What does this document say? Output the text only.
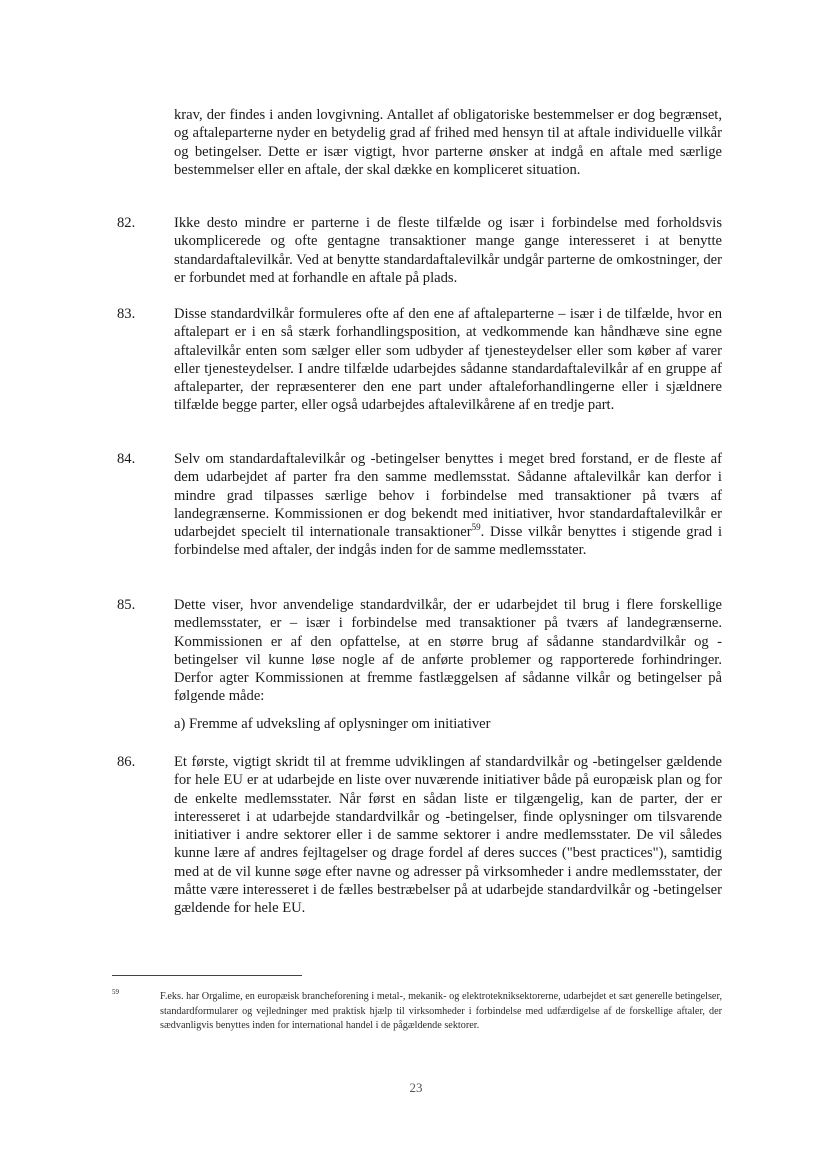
krav, der findes i anden lovgivning. Antallet af obligatoriske bestemmelser er dog begrænset, og aftaleparterne nyder en betydelig grad af frihed med hensyn til at aftale individuelle vilkår og betingelser. Dette er især vigtigt, hvor parterne ønsker at indgå en aftale med særlige bestemmelser eller en aftale, der skal dække en kompliceret situation.

82.	Ikke desto mindre er parterne i de fleste tilfælde og især i forbindelse med forholdsvis ukomplicerede og ofte gentagne transaktioner mange gange interesseret i at benytte standardaftalevilkår. Ved at benytte standardaftalevilkår undgår parterne de omkostninger, der er forbundet med at forhandle en aftale på plads.

83.	Disse standardvilkår formuleres ofte af den ene af aftaleparterne – især i de tilfælde, hvor en aftalepart er i en så stærk forhandlingsposition, at vedkommende kan håndhæve sine egne aftalevilkår enten som sælger eller som udbyder af tjenesteydelser eller som køber af varer eller tjenesteydelser. I andre tilfælde udarbejdes sådanne standardaftalevilkår af en gruppe af aftaleparter, der repræsenterer den ene part under aftaleforhandlingerne eller i sjældnere tilfælde begge parter, eller også udarbejdes aftalevilkårene af en tredje part.

84.	Selv om standardaftalevilkår og -betingelser benyttes i meget bred forstand, er de fleste af dem udarbejdet af parter fra den samme medlemsstat. Sådanne aftalevilkår kan derfor i mindre grad tilpasses særlige behov i forbindelse med transaktioner på tværs af landegrænserne. Kommissionen er dog bekendt med initiativer, hvor standardaftalevilkår er udarbejdet specielt til internationale transaktioner$^{59}$. Disse vilkår benyttes i stigende grad i forbindelse med aftaler, der indgås inden for de samme medlemsstater.

85.	Dette viser, hvor anvendelige standardvilkår, der er udarbejdet til brug i flere forskellige medlemsstater, er – især i forbindelse med transaktioner på tværs af landegrænserne. Kommissionen er af den opfattelse, at en større brug af sådanne standardvilkår og -betingelser vil kunne løse nogle af de anførte problemer og rapporterede forhindringer. Derfor agter Kommissionen at fremme fastlæggelsen af sådanne vilkår og betingelser på følgende måde:

a) Fremme af udveksling af oplysninger om initiativer
86.	Et første, vigtigt skridt til at fremme udviklingen af standardvilkår og -betingelser gældende for hele EU er at udarbejde en liste over nuværende initiativer både på europæisk plan og for de enkelte medlemsstater. Når først en sådan liste er tilgængelig, kan de parter, der er interesseret i at udarbejde standardvilkår og -betingelser, finde oplysninger om tilsvarende initiativer i andre sektorer eller i de samme sektorer i andre medlemsstater. De vil således kunne lære af andres fejltagelser og drage fordel af deres succes ("best practices"), samtidig med at de vil kunne søge efter navne og adresser på virksomheder i andre medlemsstater, der måtte være interesseret i de fælles bestræbelser på at udarbejde standardvilkår og -betingelser gældende for hele EU.

59	F.eks. har Orgalime, en europæisk brancheforening i metal-, mekanik- og elektrotekniksektorerne, udarbejdet et sæt generelle betingelser, standardformularer og vejledninger med praktisk hjælp til virksomheder i forbindelse med udfærdigelse af de forskellige aftaler, der sædvanligvis benyttes inden for international handel i de pågældende sektorer.

23
